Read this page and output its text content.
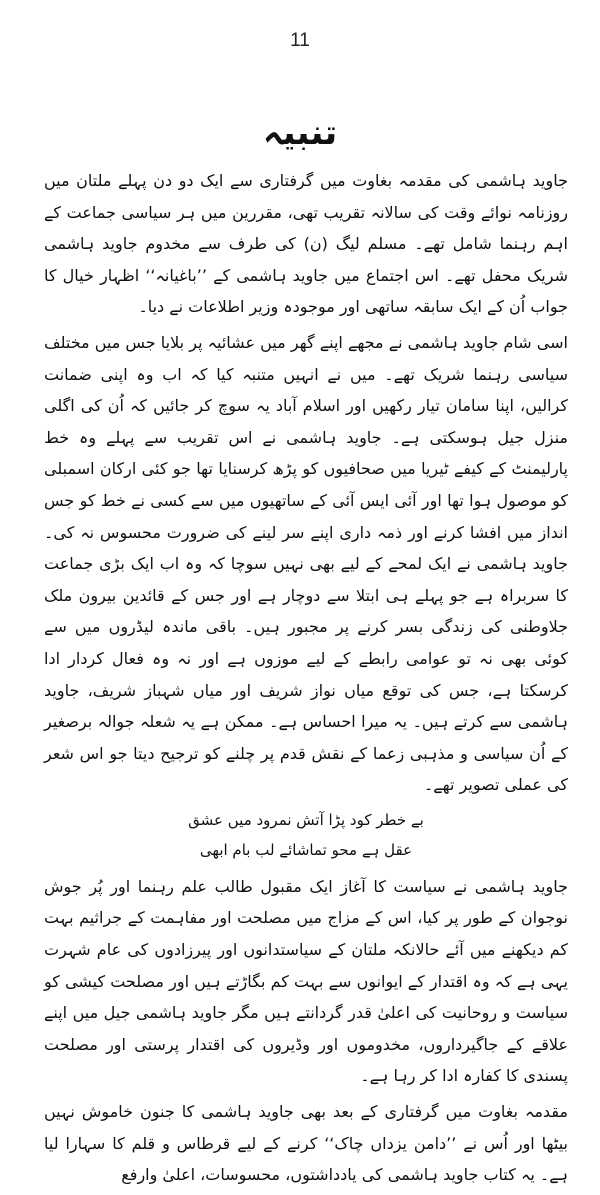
11
تنبیہ

جاوید ہاشمی کی مقدمہ بغاوت میں گرفتاری سے ایک دو دن پہلے ملتان میں روزنامہ نوائے وقت کی سالانہ تقریب تھی، مقررین میں ہر سیاسی جماعت کے اہم رہنما شامل تھے۔ مسلم لیگ (ن) کی طرف سے مخدوم جاوید ہاشمی شریک محفل تھے۔ اس اجتماع میں جاوید ہاشمی کے ’’باغیانہ‘‘ اظہار خیال کا جواب اُن کے ایک سابقہ ساتھی اور موجودہ وزیر اطلاعات نے دیا۔

اسی شام جاوید ہاشمی نے مجھے اپنے گھر میں عشائیہ پر بلایا جس میں مختلف سیاسی رہنما شریک تھے۔ میں نے انہیں متنبہ کیا کہ اب وہ اپنی ضمانت کرالیں، اپنا سامان تیار رکھیں اور اسلام آباد یہ سوچ کر جائیں کہ اُن کی اگلی منزل جیل ہوسکتی ہے۔ جاوید ہاشمی نے اس تقریب سے پہلے وہ خط پارلیمنٹ کے کیفے ٹیریا میں صحافیوں کو پڑھ کرسنایا تھا جو کئی ارکان اسمبلی کو موصول ہوا تھا اور آئی ایس آئی کے ساتھیوں میں سے کسی نے خط کو جس انداز میں افشا کرنے اور ذمہ داری اپنے سر لینے کی ضرورت محسوس نہ کی۔ جاوید ہاشمی نے ایک لمحے کے لیے بھی نہیں سوچا کہ وہ اب ایک بڑی جماعت کا سربراہ ہے جو پہلے ہی ابتلا سے دوچار ہے اور جس کے قائدین بیرون ملک جلاوطنی کی زندگی بسر کرنے پر مجبور ہیں۔ باقی ماندہ لیڈروں میں سے کوئی بھی نہ تو عوامی رابطے کے لیے موزوں ہے اور نہ وہ فعال کردار ادا کرسکتا ہے، جس کی توقع میاں نواز شریف اور میاں شہباز شریف، جاوید ہاشمی سے کرتے ہیں۔ یہ میرا احساس ہے۔ ممکن ہے یہ شعلہ جوالہ برصغیر کے اُن سیاسی و مذہبی زعما کے نقش قدم پر چلنے کو ترجیح دیتا جو اس شعر کی عملی تصویر تھے۔

بے خطر کود پڑا آتش نمرود میں عشق
عقل ہے محو تماشائے لب بام ابھی

جاوید ہاشمی نے سیاست کا آغاز ایک مقبول طالب علم رہنما اور پُر جوش نوجوان کے طور پر کیا، اس کے مزاج میں مصلحت اور مفاہمت کے جراثیم بہت کم دیکھنے میں آئے حالانکہ ملتان کے سیاستدانوں اور پیرزادوں کی عام شہرت یہی ہے کہ وہ اقتدار کے ایوانوں سے بہت کم بگاڑتے ہیں اور مصلحت کیشی کو سیاست و روحانیت کی اعلیٰ قدر گردانتے ہیں مگر جاوید ہاشمی جیل میں اپنے علاقے کے جاگیرداروں، مخدوموں اور وڈیروں کی اقتدار پرستی اور مصلحت پسندی کا کفارہ ادا کر رہا ہے۔

مقدمہ بغاوت میں گرفتاری کے بعد بھی جاوید ہاشمی کا جنون خاموش نہیں بیٹھا اور اُس نے ’’دامن یزداں چاک‘‘ کرنے کے لیے قرطاس و قلم کا سہارا لیا ہے۔ یہ کتاب جاوید ہاشمی کی یادداشتوں، محسوسات، اعلیٰ وارفع
